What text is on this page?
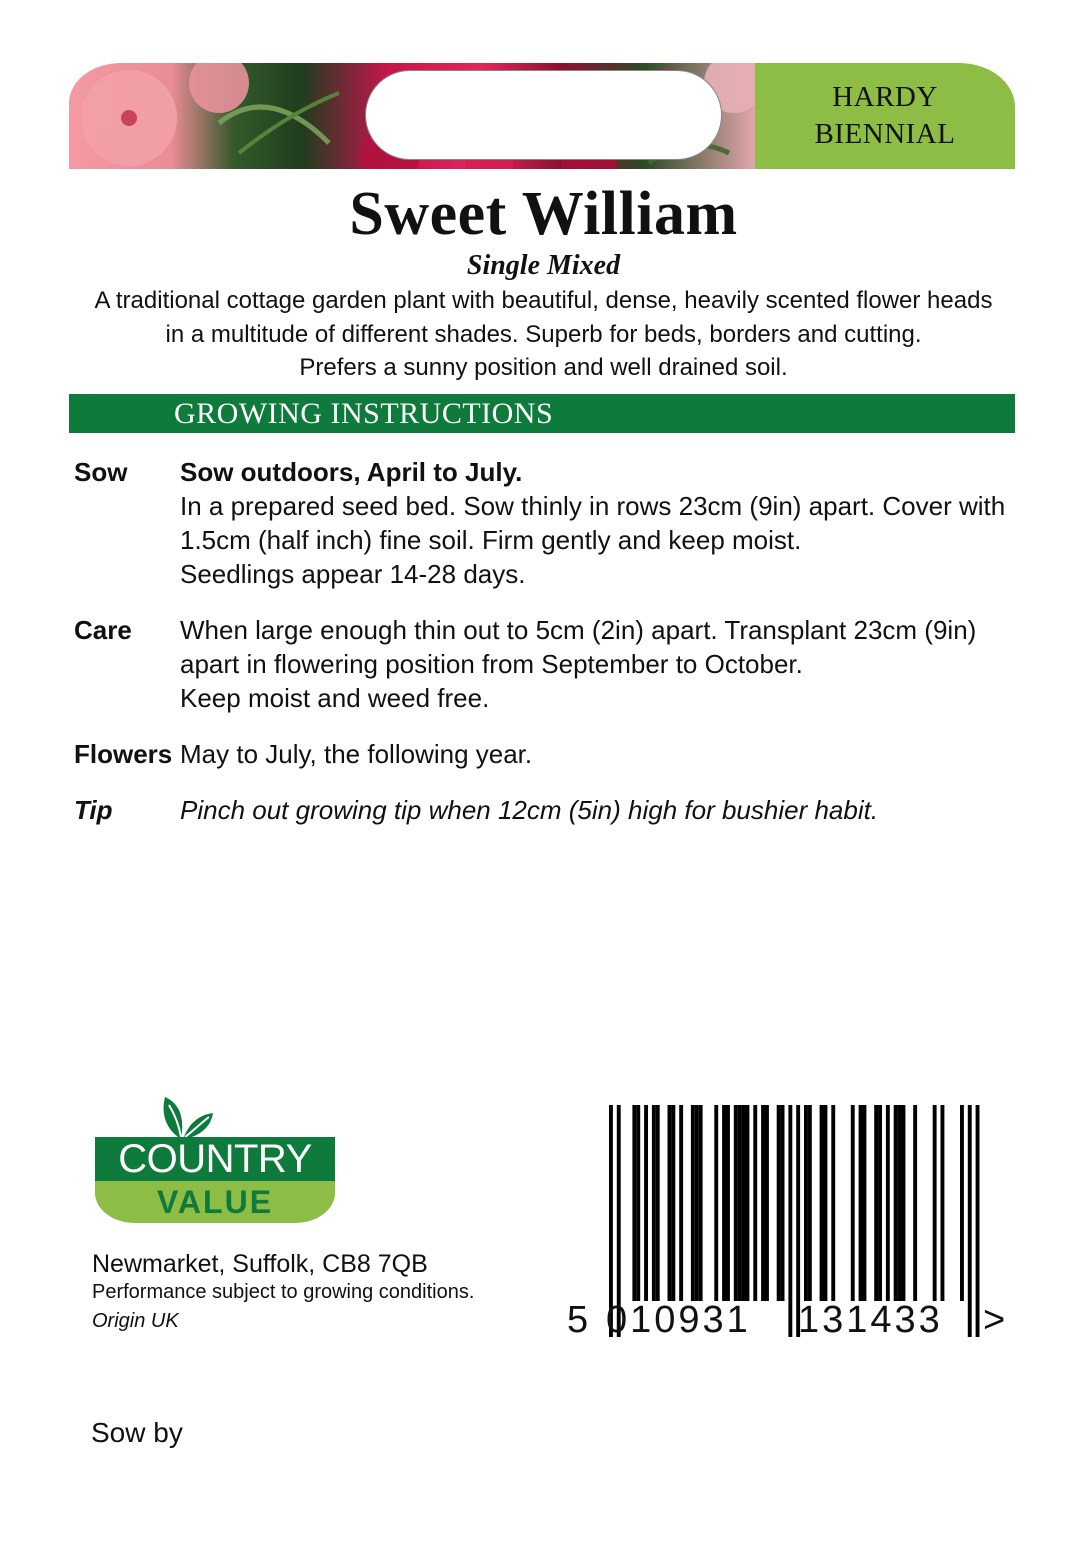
HARDY
BIENNIAL
Sweet William
Single Mixed
A traditional cottage garden plant with beautiful, dense, heavily scented flower heads
in a multitude of different shades. Superb for beds, borders and cutting.
Prefers a sunny position and well drained soil.
GROWING INSTRUCTIONS
Sow	Sow outdoors, April to July.
In a prepared seed bed. Sow thinly in rows 23cm (9in) apart. Cover with
1.5cm (half inch) fine soil. Firm gently and keep moist.
Seedlings appear 14-28 days.
Care	When large enough thin out to 5cm (2in) apart. Transplant 23cm (9in)
apart in flowering position from September to October.
Keep moist and weed free.
Flowers May to July, the following year.
Tip	Pinch out growing tip when 12cm (5in) high for bushier habit.
COUNTRY
VALUE
Newmarket, Suffolk, CB8 7QB
Performance subject to growing conditions.
Origin UK	5 010931 131433 >
Sow by
